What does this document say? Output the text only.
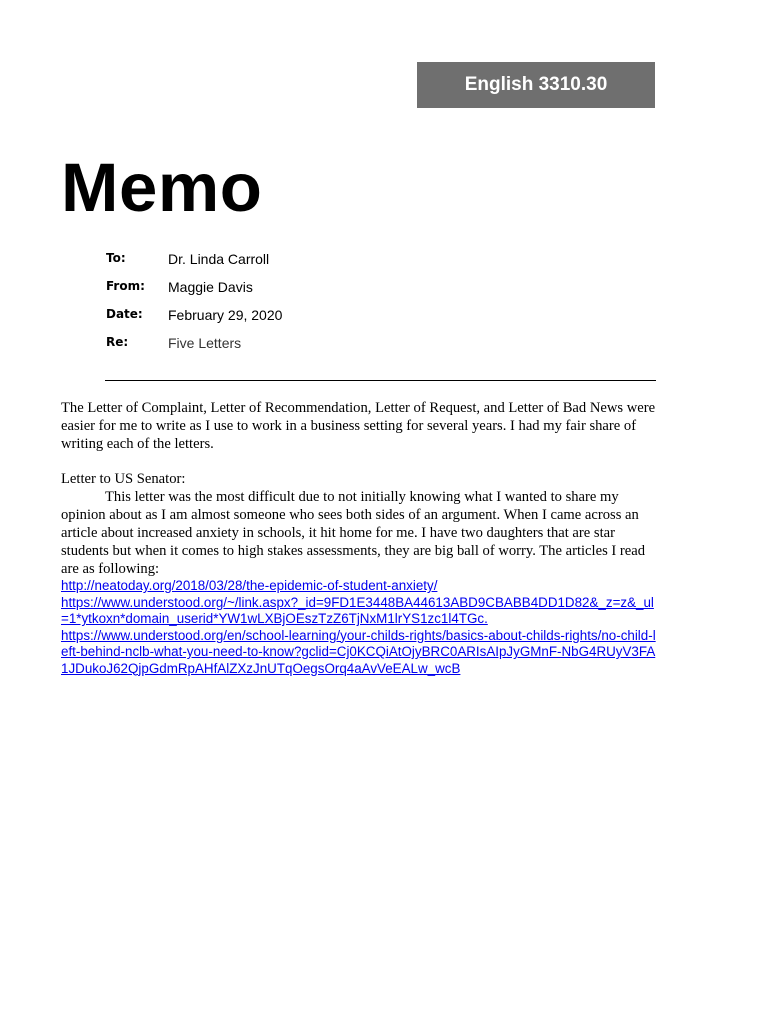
English 3310.30
Memo
To:	Dr. Linda Carroll
From: Maggie Davis
Date: February 29, 2020
Re:	Five Letters

The Letter of Complaint, Letter of Recommendation, Letter of Request, and Letter of Bad News were easier for me to write as I use to work in a business setting for several years. I had my fair share of writing each of the letters.

Letter to US Senator:

This letter was the most difficult due to not initially knowing what I wanted to share my opinion about as I am almost someone who sees both sides of an argument. When I came across an article about increased anxiety in schools, it hit home for me. I have two daughters that are star students but when it comes to high stakes assessments, they are big ball of worry. The articles I read are as following:

http://neatoday.org/2018/03/28/the-epidemic-of-student-anxiety/
https://www.understood.org/~/link.aspx?_id=9FD1E3448BA44613ABD9CBABB4DD1D82&_z=z&_ul=1*ytkoxn*domain_userid*YW1wLXBjOEszTzZ6TjNxM1lrYS1zc1l4TGc.
https://www.understood.org/en/school-learning/your-childs-rights/basics-about-childs-rights/no-child-left-behind-nclb-what-you-need-to-know?gclid=Cj0KCQiAtOjyBRC0ARIsAIpJyGMnF-NbG4RUyV3FA1JDukoJ62QjpGdmRpAHfAlZXzJnUTqOegsOrq4aAvVeEALw_wcB
